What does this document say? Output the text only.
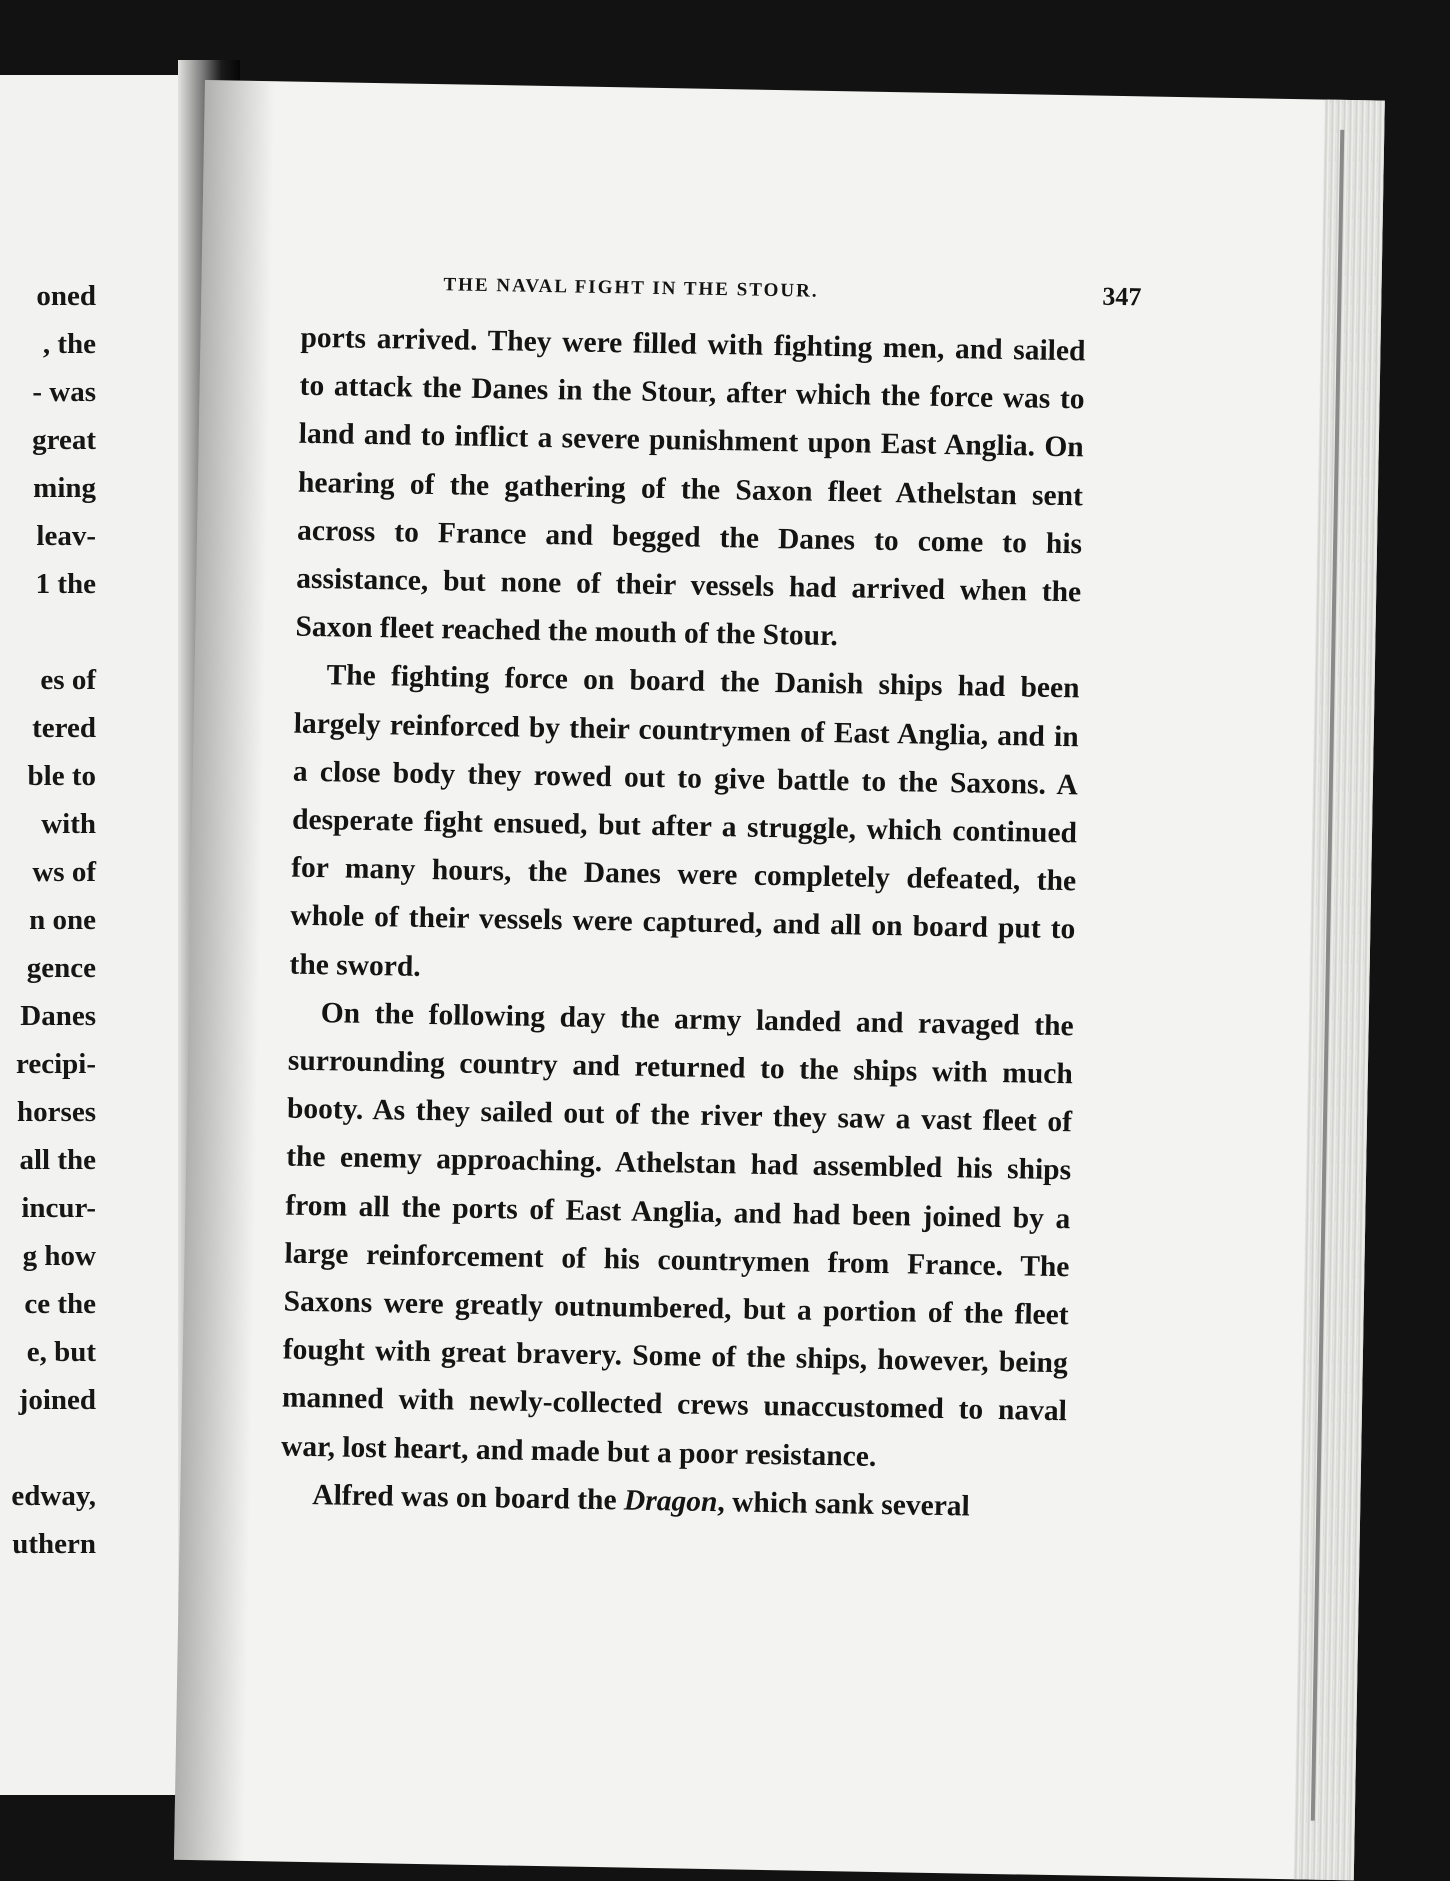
oned
, the
- was
great
ming
leav-
1 the
es of
tered
ble to
with
ws of
n one
gence
Danes
recipi-
horses
all the
incur-
g how
ce the
e, but
joined
edway,
uthern
THE NAVAL FIGHT IN THE STOUR.	347

ports arrived. They were filled with fighting men, and sailed to attack the Danes in the Stour, after which the force was to land and to inflict a severe punishment upon East Anglia. On hearing of the gathering of the Saxon fleet Athelstan sent across to France and begged the Danes to come to his assistance, but none of their vessels had arrived when the Saxon fleet reached the mouth of the Stour.

The fighting force on board the Danish ships had been largely reinforced by their countrymen of East Anglia, and in a close body they rowed out to give battle to the Saxons. A desperate fight ensued, but after a struggle, which continued for many hours, the Danes were completely defeated, the whole of their vessels were captured, and all on board put to the sword.

On the following day the army landed and ravaged the surrounding country and returned to the ships with much booty. As they sailed out of the river they saw a vast fleet of the enemy approaching. Athelstan had assembled his ships from all the ports of East Anglia, and had been joined by a large reinforcement of his countrymen from France. The Saxons were greatly outnumbered, but a portion of the fleet fought with great bravery. Some of the ships, however, being manned with newly-collected crews unaccustomed to naval war, lost heart, and made but a poor resistance.

Alfred was on board the Dragon, which sank several
